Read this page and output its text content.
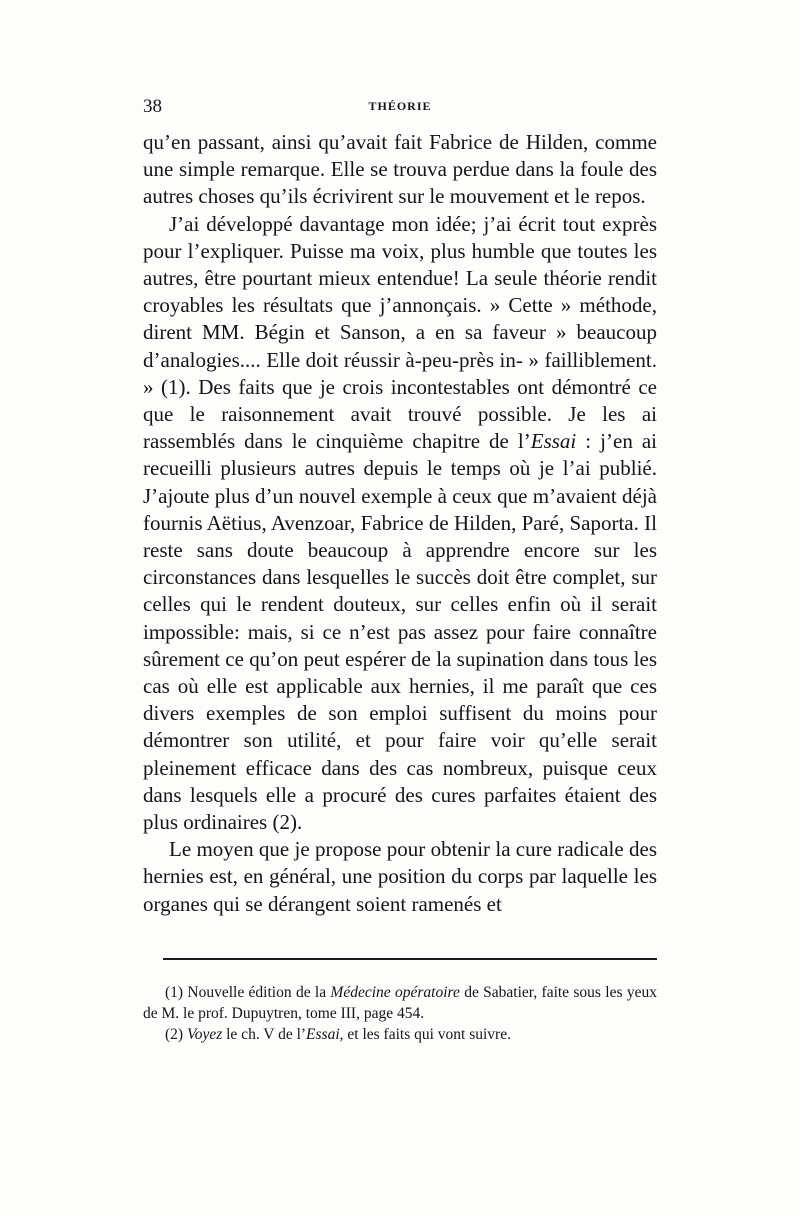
38	THÉORIE

qu’en passant, ainsi qu’avait fait Fabrice de Hilden, comme une simple remarque. Elle se trouva perdue dans la foule des autres choses qu’ils écrivirent sur le mouvement et le repos.

J’ai développé davantage mon idée; j’ai écrit tout exprès pour l’expliquer. Puisse ma voix, plus humble que toutes les autres, être pourtant mieux entendue! La seule théorie rendit croyables les résultats que j’annonçais. » Cette » méthode, dirent MM. Bégin et Sanson, a en sa faveur » beaucoup d’analogies.... Elle doit réussir à-peu-près in- » failliblement. » (1). Des faits que je crois incontestables ont démontré ce que le raisonnement avait trouvé possible. Je les ai rassemblés dans le cinquième chapitre de l’Essai : j’en ai recueilli plusieurs autres depuis le temps où je l’ai publié. J’ajoute plus d’un nouvel exemple à ceux que m’avaient déjà fournis Aëtius, Avenzoar, Fabrice de Hilden, Paré, Saporta. Il reste sans doute beaucoup à apprendre encore sur les circonstances dans lesquelles le succès doit être complet, sur celles qui le rendent douteux, sur celles enfin où il serait impossible: mais, si ce n’est pas assez pour faire connaître sûrement ce qu’on peut espérer de la supination dans tous les cas où elle est applicable aux hernies, il me paraît que ces divers exemples de son emploi suffisent du moins pour démontrer son utilité, et pour faire voir qu’elle serait pleinement efficace dans des cas nombreux, puisque ceux dans lesquels elle a procuré des cures parfaites étaient des plus ordinaires (2).

Le moyen que je propose pour obtenir la cure radicale des hernies est, en général, une position du corps par laquelle les organes qui se dérangent soient ramenés et

(1) Nouvelle édition de la Médecine opératoire de Sabatier, faite sous les yeux de M. le prof. Dupuytren, tome III, page 454.

(2) Voyez le ch. V de l’Essai, et les faits qui vont suivre.
